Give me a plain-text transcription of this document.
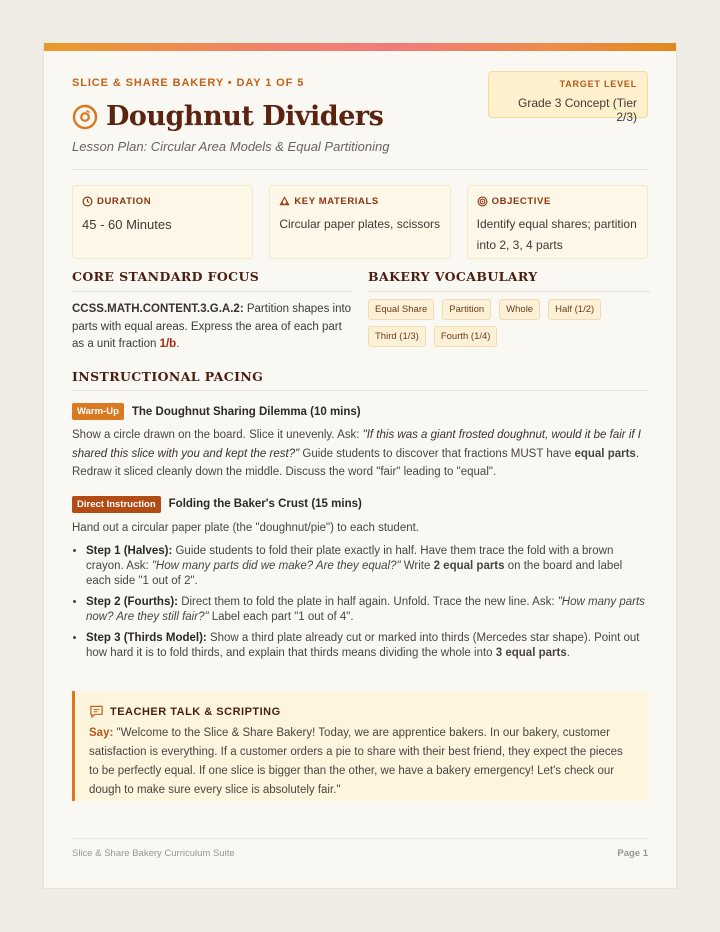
SLICE & SHARE BAKERY • DAY 1 OF 5
Doughnut Dividers
Lesson Plan: Circular Area Models & Equal Partitioning
TARGET LEVEL
Grade 3 Concept (Tier 2/3)
DURATION
45 - 60 Minutes
KEY MATERIALS
Circular paper plates, scissors
OBJECTIVE
Identify equal shares; partition into 2, 3, 4 parts
CORE STANDARD FOCUS
CCSS.MATH.CONTENT.3.G.A.2: Partition shapes into parts with equal areas. Express the area of each part as a unit fraction 1/b.
BAKERY VOCABULARY
Equal Share	Partition	Whole	Half (1/2)
Third (1/3)	Fourth (1/4)
INSTRUCTIONAL PACING
Warm-Up	The Doughnut Sharing Dilemma (10 mins)
Show a circle drawn on the board. Slice it unevenly. Ask: "If this was a giant frosted doughnut, would it be fair if I shared this slice with you and kept the rest?" Guide students to discover that fractions MUST have equal parts. Redraw it sliced cleanly down the middle. Discuss the word "fair" leading to "equal".
Direct Instruction	Folding the Baker's Crust (15 mins)
Hand out a circular paper plate (the "doughnut/pie") to each student.
• Step 1 (Halves): Guide students to fold their plate exactly in half. Have them trace the fold with a brown crayon. Ask: "How many parts did we make? Are they equal?" Write 2 equal parts on the board and label each side "1 out of 2".
• Step 2 (Fourths): Direct them to fold the plate in half again. Unfold. Trace the new line. Ask: "How many parts now? Are they still fair?" Label each part "1 out of 4".
• Step 3 (Thirds Model): Show a third plate already cut or marked into thirds (Mercedes star shape). Point out how hard it is to fold thirds, and explain that thirds means dividing the whole into 3 equal parts.
TEACHER TALK & SCRIPTING
Say: "Welcome to the Slice & Share Bakery! Today, we are apprentice bakers. In our bakery, customer satisfaction is everything. If a customer orders a pie to share with their best friend, they expect the pieces to be perfectly equal. If one slice is bigger than the other, we have a bakery emergency! Let's check our dough to make sure every slice is absolutely fair."
Slice & Share Bakery Curriculum Suite	Page 1
